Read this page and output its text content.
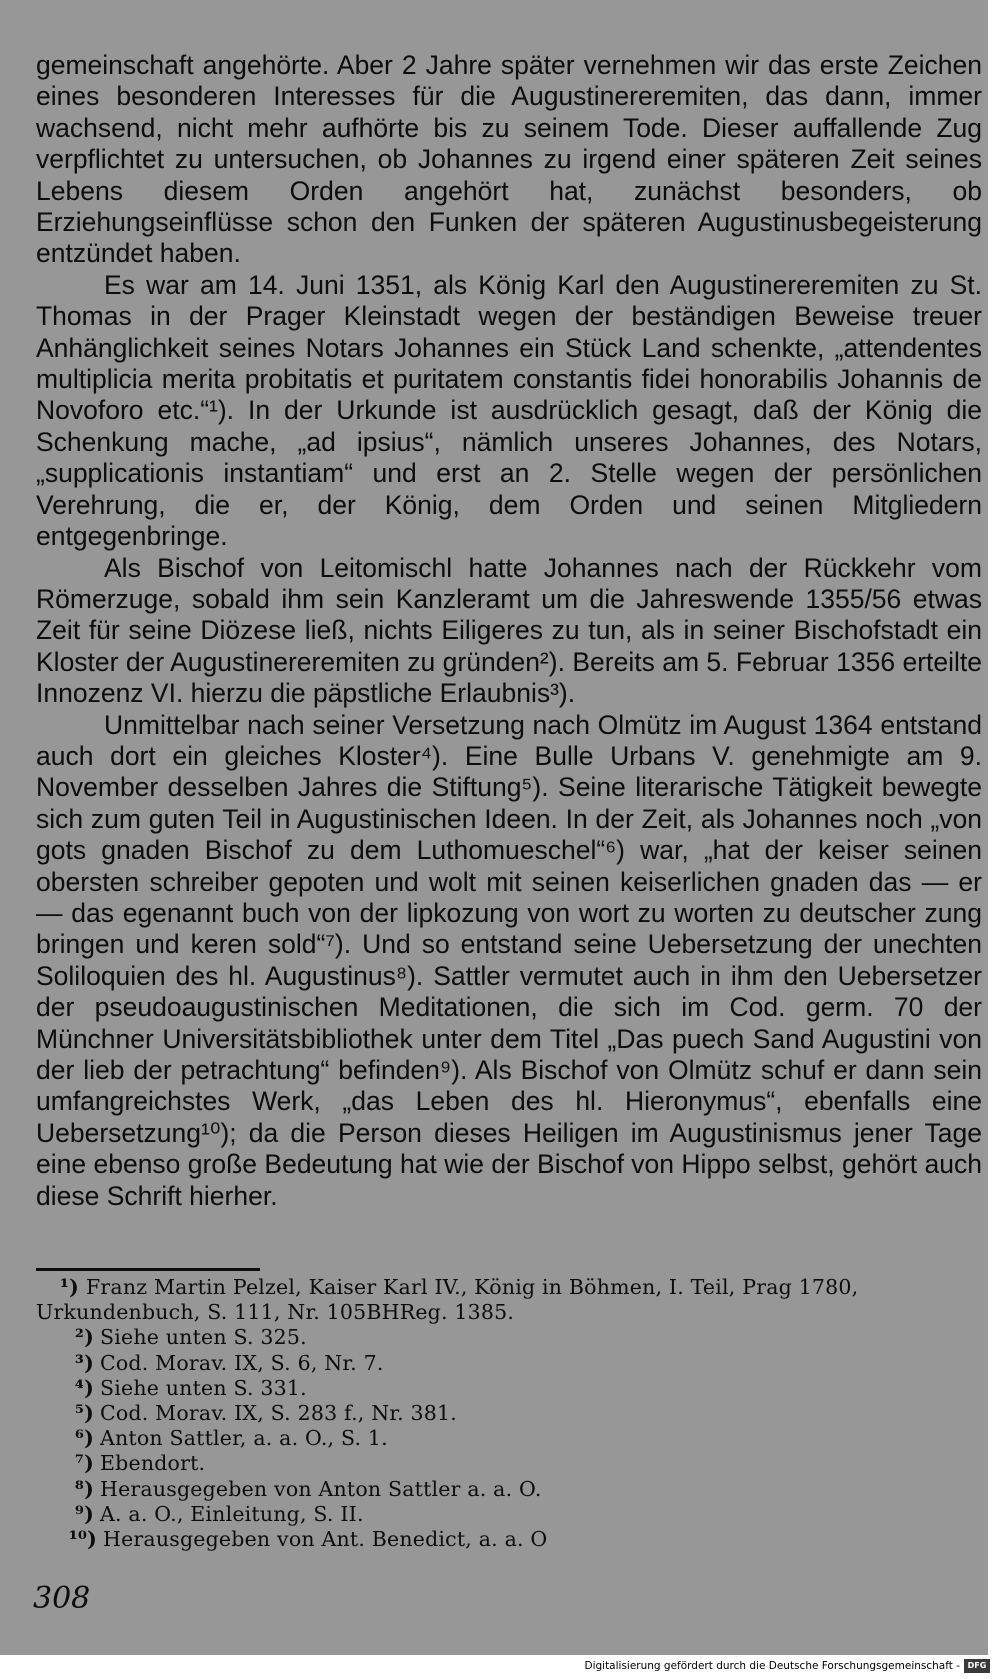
gemeinschaft angehörte. Aber 2 Jahre später vernehmen wir das erste Zeichen eines besonderen Interesses für die Augustinereremiten, das dann, immer wachsend, nicht mehr aufhörte bis zu seinem Tode. Dieser auffallende Zug verpflichtet zu untersuchen, ob Johannes zu irgend einer späteren Zeit seines Lebens diesem Orden angehört hat, zunächst besonders, ob Erziehungseinflüsse schon den Funken der späteren Augustinusbegeisterung entzündet haben.

Es war am 14. Juni 1351, als König Karl den Augustinereremiten zu St. Thomas in der Prager Kleinstadt wegen der beständigen Beweise treuer Anhänglichkeit seines Notars Johannes ein Stück Land schenkte, „attendentes multiplicia merita probitatis et puritatem constantis fidei honorabilis Johannis de Novoforo etc.“¹). In der Urkunde ist ausdrücklich gesagt, daß der König die Schenkung mache, „ad ipsius“, nämlich unseres Johannes, des Notars, „supplicationis instantiam“ und erst an 2. Stelle wegen der persönlichen Verehrung, die er, der König, dem Orden und seinen Mitgliedern entgegenbringe.

Als Bischof von Leitomischl hatte Johannes nach der Rückkehr vom Römerzuge, sobald ihm sein Kanzleramt um die Jahreswende 1355/56 etwas Zeit für seine Diözese ließ, nichts Eiligeres zu tun, als in seiner Bischofstadt ein Kloster der Augustinereremiten zu gründen²). Bereits am 5. Februar 1356 erteilte Innozenz VI. hierzu die päpstliche Erlaubnis³).

Unmittelbar nach seiner Versetzung nach Olmütz im August 1364 entstand auch dort ein gleiches Kloster⁴). Eine Bulle Urbans V. genehmigte am 9. November desselben Jahres die Stiftung⁵). Seine literarische Tätigkeit bewegte sich zum guten Teil in Augustinischen Ideen. In der Zeit, als Johannes noch „von gots gnaden Bischof zu dem Luthomueschel“⁶) war, „hat der keiser seinen obersten schreiber gepoten und wolt mit seinen keiserlichen gnaden das — er — das egenannt buch von der lipkozung von wort zu worten zu deutscher zung bringen und keren sold“⁷). Und so entstand seine Uebersetzung der unechten Soliloquien des hl. Augustinus⁸). Sattler vermutet auch in ihm den Uebersetzer der pseudoaugustinischen Meditationen, die sich im Cod. germ. 70 der Münchner Universitätsbibliothek unter dem Titel „Das puech Sand Augustini von der lieb der petrachtung“ befinden⁹). Als Bischof von Olmütz schuf er dann sein umfangreichstes Werk, „das Leben des hl. Hieronymus“, ebenfalls eine Uebersetzung¹⁰); da die Person dieses Heiligen im Augustinismus jener Tage eine ebenso große Bedeutung hat wie der Bischof von Hippo selbst, gehört auch diese Schrift hierher.

¹) Franz Martin Pelzel, Kaiser Karl IV., König in Böhmen, I. Teil, Prag 1780, Urkundenbuch, S. 111, Nr. 105BHReg. 1385.
²) Siehe unten S. 325.
³) Cod. Morav. IX, S. 6, Nr. 7.
⁴) Siehe unten S. 331.
⁵) Cod. Morav. IX, S. 283 f., Nr. 381.
⁶) Anton Sattler, a. a. O., S. 1.
⁷) Ebendort.
⁸) Herausgegeben von Anton Sattler a. a. O.
⁹) A. a. O., Einleitung, S. II.
¹⁰) Herausgegeben von Ant. Benedict, a. a. O
308
Digitalisierung gefördert durch die Deutsche Forschungsgemeinschaft - DFG
